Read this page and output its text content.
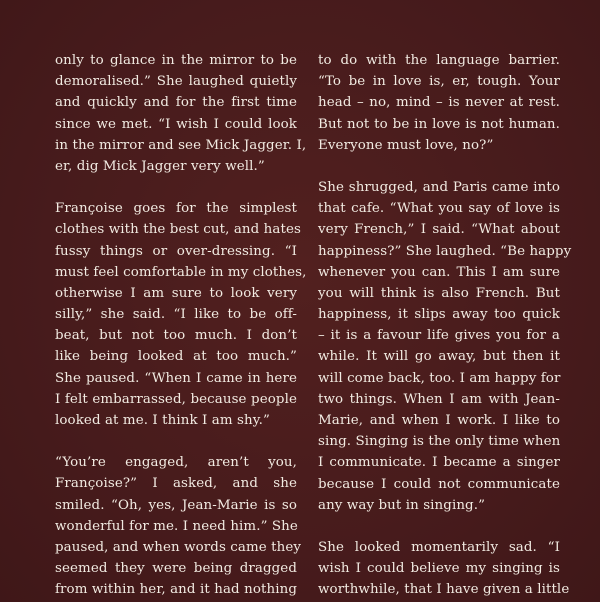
only to glance in the mirror to be
demoralised.” She laughed quietly
and quickly and for the first time
since we met. “I wish I could look
in the mirror and see Mick Jagger. I,
er, dig Mick Jagger very well.”

Françoise goes for the simplest
clothes with the best cut, and hates
fussy things or over-dressing. “I
must feel comfortable in my clothes,
otherwise I am sure to look very
silly,” she said. “I like to be off-
beat, but not too much. I don’t
like being looked at too much.”
She paused. “When I came in here
I felt embarrassed, because people
looked at me. I think I am shy.”

“You’re engaged, aren’t you,
Françoise?” I asked, and she
smiled. “Oh, yes, Jean-Marie is so
wonderful for me. I need him.” She
paused, and when words came they
seemed they were being dragged
from within her, and it had nothing

to do with the language barrier.
“To be in love is, er, tough. Your
head – no, mind – is never at rest.
But not to be in love is not human.
Everyone must love, no?”

She shrugged, and Paris came into
that cafe. “What you say of love is
very French,” I said. “What about
happiness?” She laughed. “Be happy
whenever you can. This I am sure
you will think is also French. But
happiness, it slips away too quick
– it is a favour life gives you for a
while. It will go away, but then it
will come back, too. I am happy for
two things. When I am with Jean-
Marie, and when I work. I like to
sing. Singing is the only time when
I communicate. I became a singer
because I could not communicate
any way but in singing.”

She looked momentarily sad. “I
wish I could believe my singing is
worthwhile, that I have given a little
